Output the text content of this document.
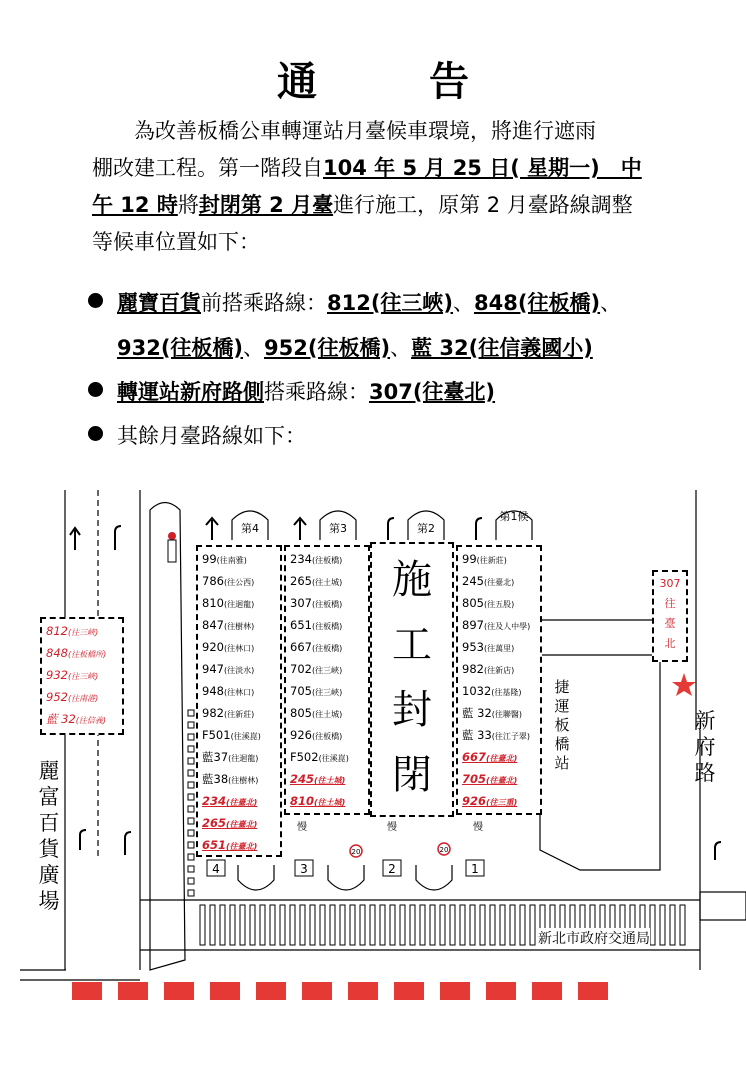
通	告
為改善板橋公車轉運站月臺候車環境，將進行遮雨
棚改建工程。第一階段自104 年 5 月 25 日( 星期一)　中
午 12 時將封閉第 2 月臺進行施工，原第 2 月臺路線調整
等候車位置如下：
麗寶百貨前搭乘路線：812(往三峽)、848(往板橋)、
932(往板橋)、952(往板橋)、藍 32(往信義國小)
轉運站新府路側搭乘路線：307(往臺北)
其餘月臺路線如下：
第4	第3	第2
第1候
4	3	2	1
慢	慢	慢
20	20
812(往三峽)
848(往板橋所)
932(往三峽)
952(往南港)
藍 32(往信義)
99(往南雅)
786(往公西)
810(往迴龍)
847(往樹林)
920(往林口)
947(往淡水)
948(往林口)
982(往新莊)
F501(往溪崑)
藍37(往迴龍)
藍38(往樹林)
234(往臺北)
265(往臺北)
651(往臺北)
234(往板橋)
265(往土城)
307(往板橋)
651(往板橋)
667(往板橋)
702(往三峽)
705(往三峽)
805(往土城)
926(往板橋)
F502(往溪崑)
245(往土城)
810(往土城)
施
工
封
閉
99(往新莊)
245(往臺北)
805(往五股)
897(往及人中學)
953(往萬里)
982(往新店)
1032(往基隆)
藍 32(往聯醫)
藍 33(往江子翠)
667(往臺北)
705(往臺北)
926(往三重)
307
往
臺
北
捷
運
板
橋
站
新
府
路
麗
富
百
貨
廣
場
新北市政府交通局
